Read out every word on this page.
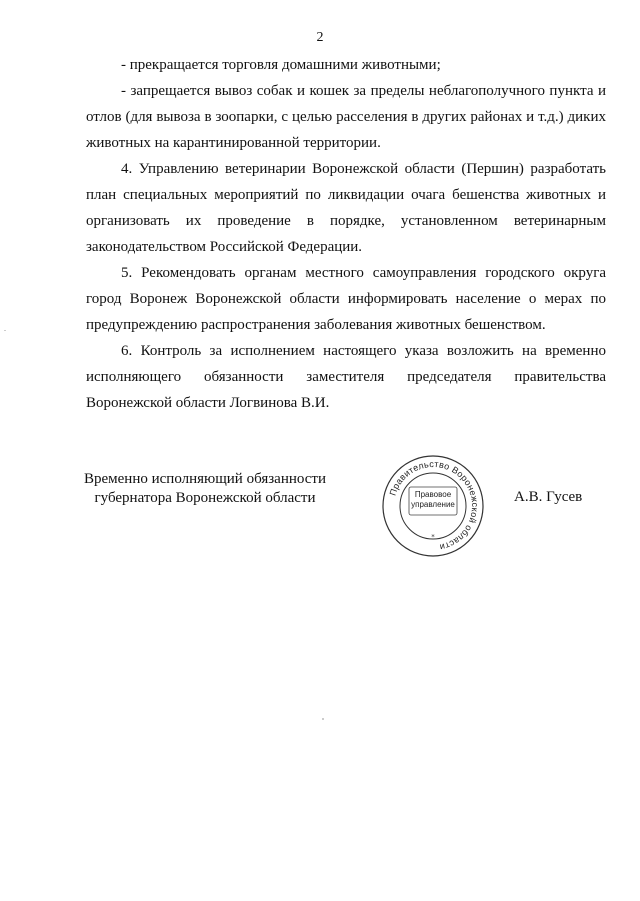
2

- прекращается торговля домашними животными;

- запрещается вывоз собак и кошек за пределы неблагополучного пункта и отлов (для вывоза в зоопарки, с целью расселения в других районах и т.д.) диких животных на карантинированной территории.

4. Управлению ветеринарии Воронежской области (Першин) разработать план специальных мероприятий по ликвидации очага бешенства животных и организовать их проведение в порядке, установленном ветеринарным законодательством Российской Федерации.

5. Рекомендовать органам местного самоуправления городского округа город Воронеж Воронежской области информировать население о мерах по предупреждению распространения заболевания животных бешенством.

6. Контроль за исполнением настоящего указа возложить на временно исполняющего обязанности заместителя председателя правительства Воронежской области Логвинова В.И.

Временно исполняющий обязанности
губернатора Воронежской области	Правительство Воронежской области
*
Правовое
управление	А.В. Гусев
